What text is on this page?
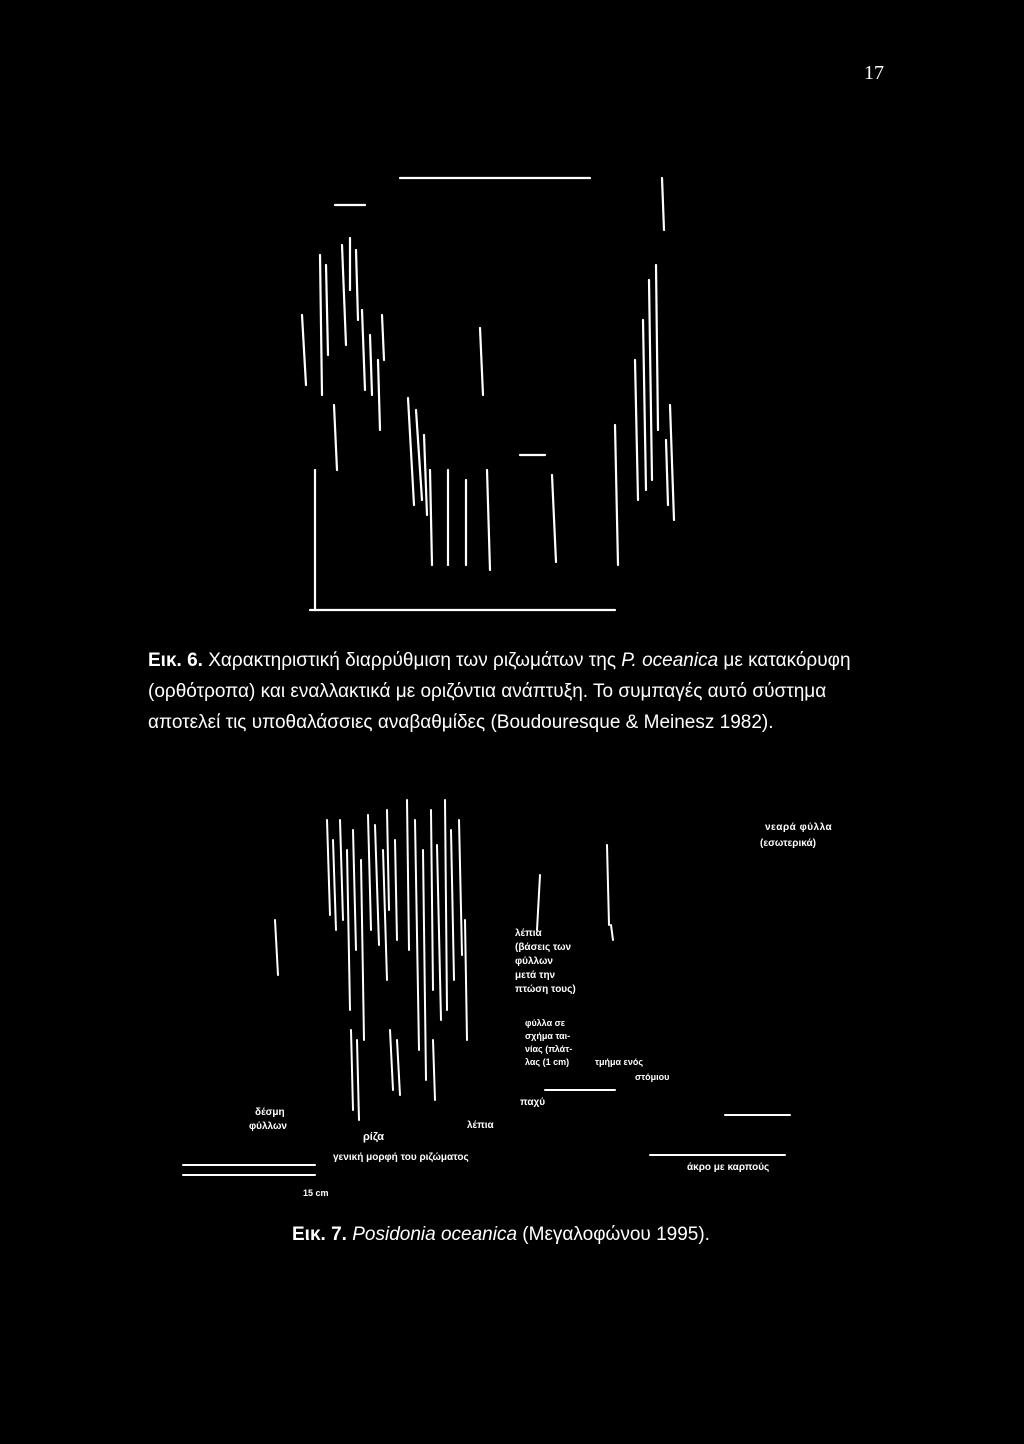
17
Εικ. 6. Χαρακτηριστική διαρρύθμιση των ριζωμάτων της P. oceanica με κατακόρυφη (ορθότροπα) και εναλλακτικά με οριζόντια ανάπτυξη. Το συμπαγές αυτό σύστημα αποτελεί τις υποθαλάσσιες αναβαθμίδες (Boudouresque & Meinesz 1982).
νεαρά φύλλα
(εσωτερικά)
λέπια
(βάσεις των
φύλλων
μετά την
πτώση τους)
φύλλα σε
σχήμα ται-
νίας (πλάτ-
λας (1 cm)	τμήμα ενός
στόμιου
παχύ
δέσμη
φύλλων
ρίζα
λέπια
γενική μορφή του ριζώματος
άκρο με καρπούς
15 cm
Εικ. 7. Posidonia oceanica (Μεγαλοφώνου 1995).
